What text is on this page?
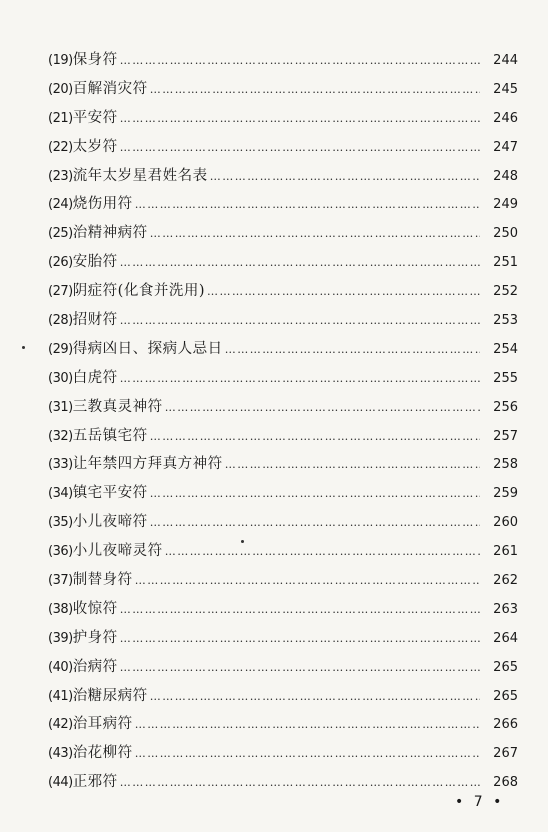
(19) 保身符 ……………………………………………………………………………………………………………………………………………………………………	244
(20) 百解消灾符 ……………………………………………………………………………………………………………………………………………………………………	245
(21) 平安符 ……………………………………………………………………………………………………………………………………………………………………	246
(22) 太岁符 ……………………………………………………………………………………………………………………………………………………………………	247
(23) 流年太岁星君姓名表 ……………………………………………………………………………………………………………………………………………………………………	248
(24) 烧伤用符 ……………………………………………………………………………………………………………………………………………………………………	249
(25) 治精神病符 ……………………………………………………………………………………………………………………………………………………………………	250
(26) 安胎符 ……………………………………………………………………………………………………………………………………………………………………	251
(27) 阴症符(化食并洗用) ……………………………………………………………………………………………………………………………………………………………………	252
(28) 招财符 ……………………………………………………………………………………………………………………………………………………………………	253
(29) 得病凶日、探病人忌日 ……………………………………………………………………………………………………………………………………………………………………	254
(30) 白虎符 ……………………………………………………………………………………………………………………………………………………………………	255
(31) 三教真灵神符 ……………………………………………………………………………………………………………………………………………………………………	256
(32) 五岳镇宅符 ……………………………………………………………………………………………………………………………………………………………………	257
(33) 让年禁四方拜真方神符 ……………………………………………………………………………………………………………………………………………………………………	258
(34) 镇宅平安符 ……………………………………………………………………………………………………………………………………………………………………	259
(35) 小儿夜啼符 ……………………………………………………………………………………………………………………………………………………………………	260
(36) 小儿夜啼灵符 ……………………………………………………………………………………………………………………………………………………………………	261
(37) 制替身符 ……………………………………………………………………………………………………………………………………………………………………	262
(38) 收惊符 ……………………………………………………………………………………………………………………………………………………………………	263
(39) 护身符 ……………………………………………………………………………………………………………………………………………………………………	264
(40) 治病符 ……………………………………………………………………………………………………………………………………………………………………	265
(41) 治糖尿病符 ……………………………………………………………………………………………………………………………………………………………………	265
(42) 治耳病符 ……………………………………………………………………………………………………………………………………………………………………	266
(43) 治花柳符 ……………………………………………………………………………………………………………………………………………………………………	267
(44) 正邪符 ……………………………………………………………………………………………………………………………………………………………………	268
• 7 •
